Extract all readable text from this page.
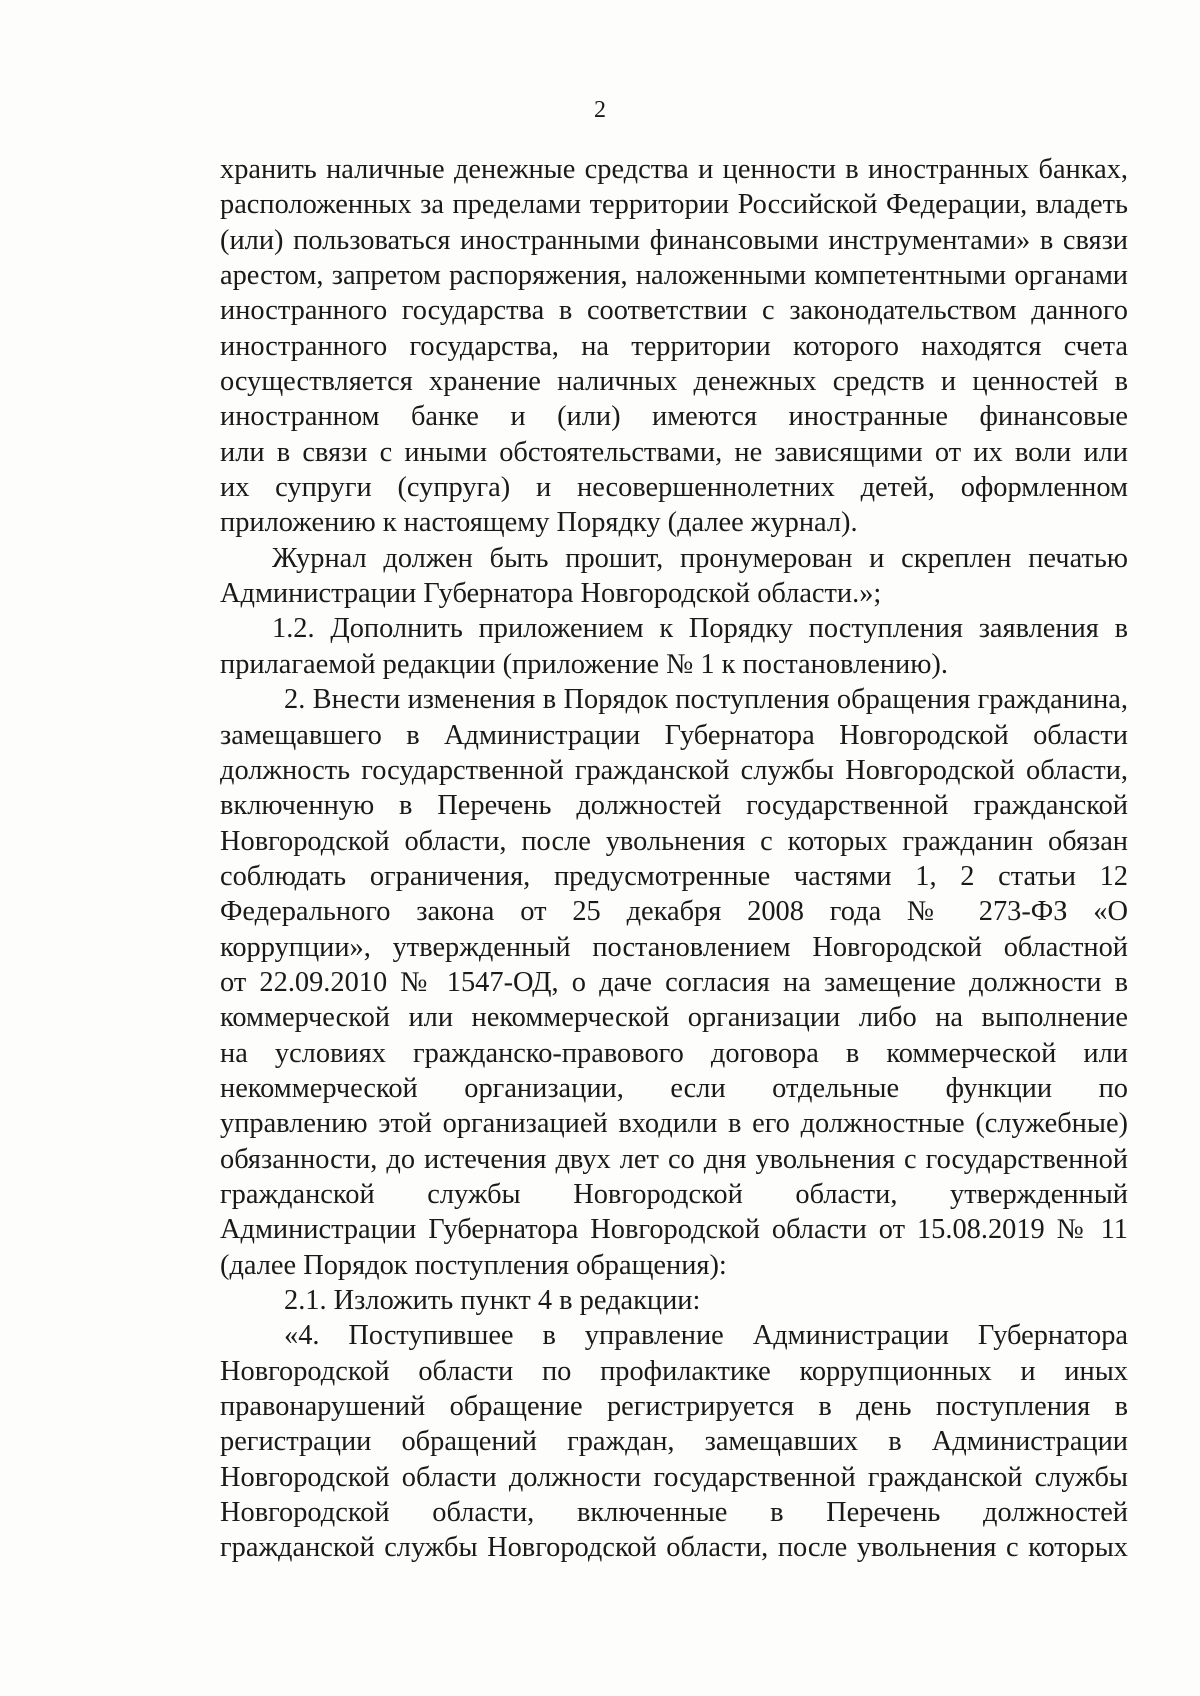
2
хранить наличные денежные средства и ценности в иностранных банках,
расположенных за пределами территории Российской Федерации, владеть
(или) пользоваться иностранными финансовыми инструментами» в связи
арестом, запретом распоряжения, наложенными компетентными органами
иностранного государства в соответствии с законодательством данного
иностранного государства, на территории которого находятся счета
осуществляется хранение наличных денежных средств и ценностей в
иностранном банке и (или) имеются иностранные финансовые
или в связи с иными обстоятельствами, не зависящими от их воли или
их супруги (супруга) и несовершеннолетних детей, оформленном
приложению к настоящему Порядку (далее журнал).
Журнал должен быть прошит, пронумерован и скреплен печатью
Администрации Губернатора Новгородской области.»;
1.2. Дополнить приложением к Порядку поступления заявления в
прилагаемой редакции (приложение № 1 к постановлению).
2. Внести изменения в Порядок поступления обращения гражданина,
замещавшего в Администрации Губернатора Новгородской области
должность государственной гражданской службы Новгородской области,
включенную в Перечень должностей государственной гражданской
Новгородской области, после увольнения с которых гражданин обязан
соблюдать ограничения, предусмотренные частями 1, 2 статьи 12
Федерального закона от 25 декабря 2008 года № 273-ФЗ «О
коррупции», утвержденный постановлением Новгородской областной
от 22.09.2010 № 1547-ОД, о даче согласия на замещение должности в
коммерческой или некоммерческой организации либо на выполнение
на условиях гражданско-правового договора в коммерческой или
некоммерческой организации, если отдельные функции по
управлению этой организацией входили в его должностные (служебные)
обязанности, до истечения двух лет со дня увольнения с государственной
гражданской службы Новгородской области, утвержденный
Администрации Губернатора Новгородской области от 15.08.2019 № 11
(далее Порядок поступления обращения):
2.1. Изложить пункт 4 в редакции:
«4. Поступившее в управление Администрации Губернатора
Новгородской области по профилактике коррупционных и иных
правонарушений обращение регистрируется в день поступления в
регистрации обращений граждан, замещавших в Администрации
Новгородской области должности государственной гражданской службы
Новгородской области, включенные в Перечень должностей
гражданской службы Новгородской области, после увольнения с которых
